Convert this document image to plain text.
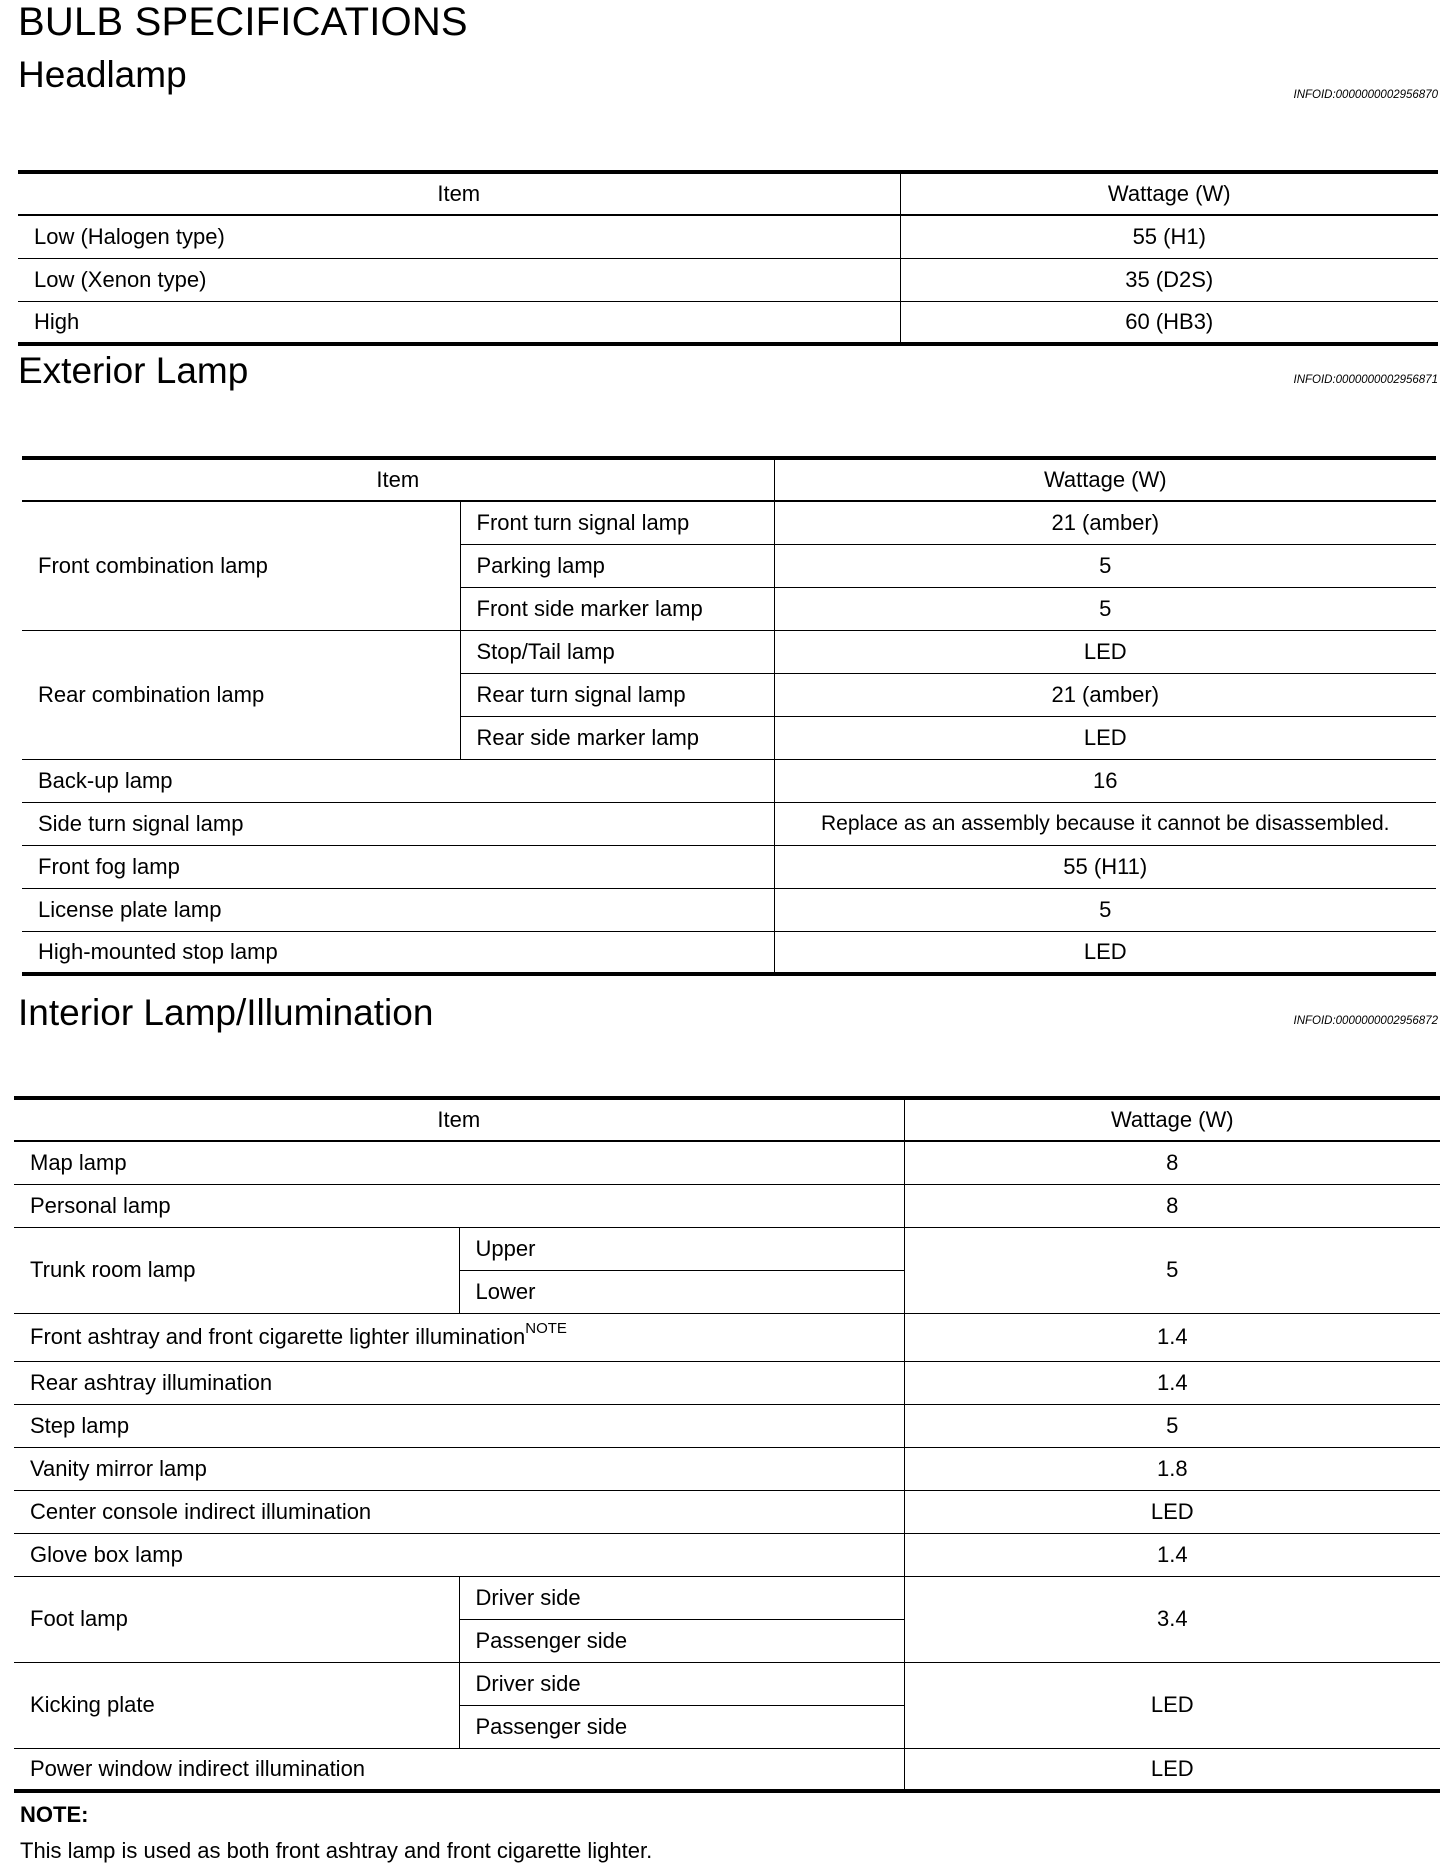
BULB SPECIFICATIONS
Headlamp	INFOID:0000000002956870
Item	Wattage (W)
Low (Halogen type)	55 (H1)
Low (Xenon type)	35 (D2S)
High	60 (HB3)
Exterior Lamp	INFOID:0000000002956871
Item		Wattage (W)
Front combination lamp	Front turn signal lamp	21 (amber)
	Parking lamp	5
	Front side marker lamp	5
Rear combination lamp	Stop/Tail lamp	LED
	Rear turn signal lamp	21 (amber)
	Rear side marker lamp	LED
Back-up lamp		16
Side turn signal lamp		Replace as an assembly because it cannot be disassembled.
Front fog lamp		55 (H11)
License plate lamp		5
High-mounted stop lamp		LED
Interior Lamp/Illumination	INFOID:0000000002956872
Item		Wattage (W)
Map lamp		8
Personal lamp		8
Trunk room lamp	Upper	5
	Lower	
Front ashtray and front cigarette lighter illumination$^{NOTE}$		1.4
Rear ashtray illumination		1.4
Step lamp		5
Vanity mirror lamp		1.8
Center console indirect illumination		LED
Glove box lamp		1.4
Foot lamp	Driver side	3.4
	Passenger side	
Kicking plate	Driver side	LED
	Passenger side	
Power window indirect illumination		LED
NOTE:
This lamp is used as both front ashtray and front cigarette lighter.
